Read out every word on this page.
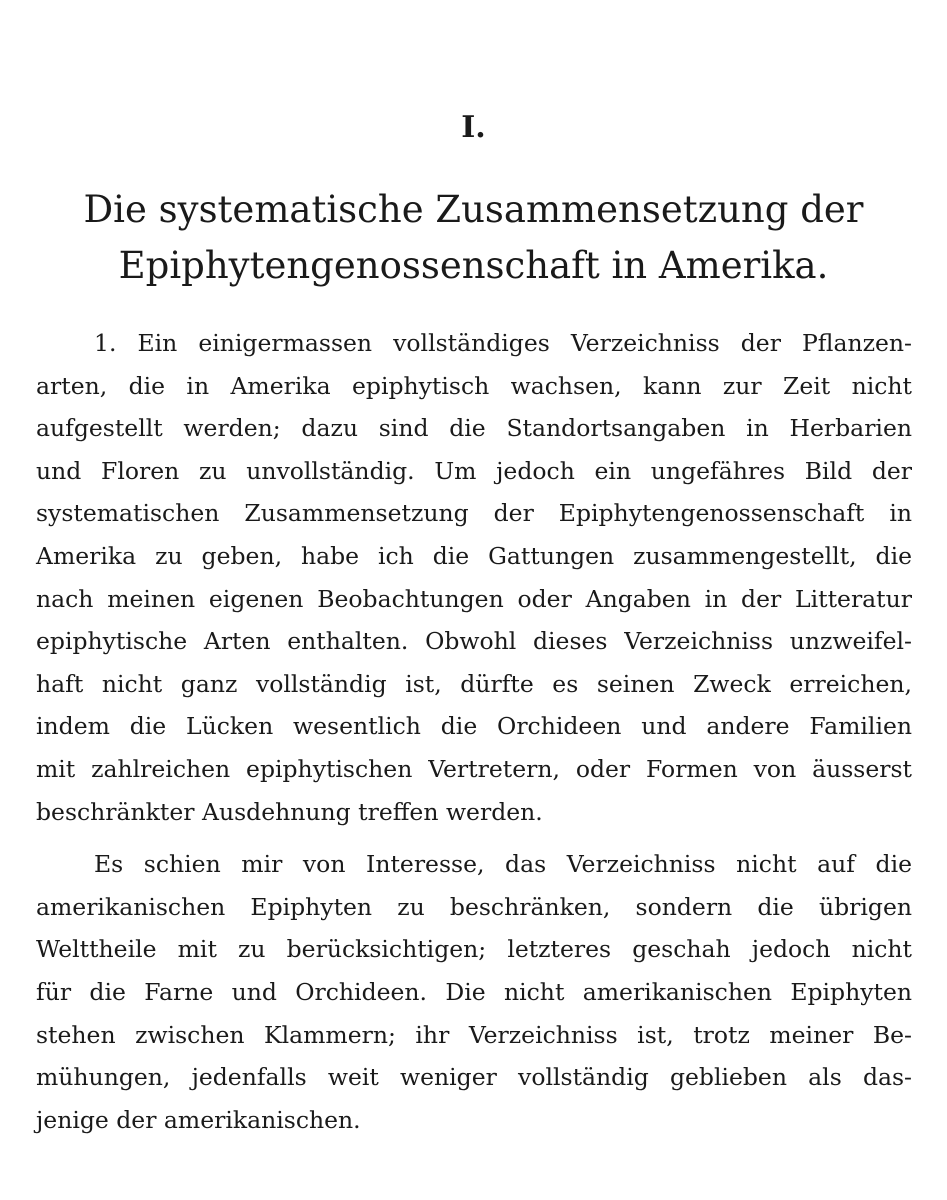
I.
Die systematische Zusammensetzung der
Epiphytengenossenschaft in Amerika.
1. Ein einigermassen vollständiges Verzeichniss der Pflanzen-
arten, die in Amerika epiphytisch wachsen, kann zur Zeit nicht
aufgestellt werden; dazu sind die Standortsangaben in Herbarien
und Floren zu unvollständig. Um jedoch ein ungefähres Bild der
systematischen Zusammensetzung der Epiphytengenossenschaft in
Amerika zu geben, habe ich die Gattungen zusammengestellt, die
nach meinen eigenen Beobachtungen oder Angaben in der Litteratur
epiphytische Arten enthalten. Obwohl dieses Verzeichniss unzweifel-
haft nicht ganz vollständig ist, dürfte es seinen Zweck erreichen,
indem die Lücken wesentlich die Orchideen und andere Familien
mit zahlreichen epiphytischen Vertretern, oder Formen von äusserst
beschränkter Ausdehnung treffen werden.
Es schien mir von Interesse, das Verzeichniss nicht auf die
amerikanischen Epiphyten zu beschränken, sondern die übrigen
Welttheile mit zu berücksichtigen; letzteres geschah jedoch nicht
für die Farne und Orchideen. Die nicht amerikanischen Epiphyten
stehen zwischen Klammern; ihr Verzeichniss ist, trotz meiner Be-
mühungen, jedenfalls weit weniger vollständig geblieben als das-
jenige der amerikanischen.
